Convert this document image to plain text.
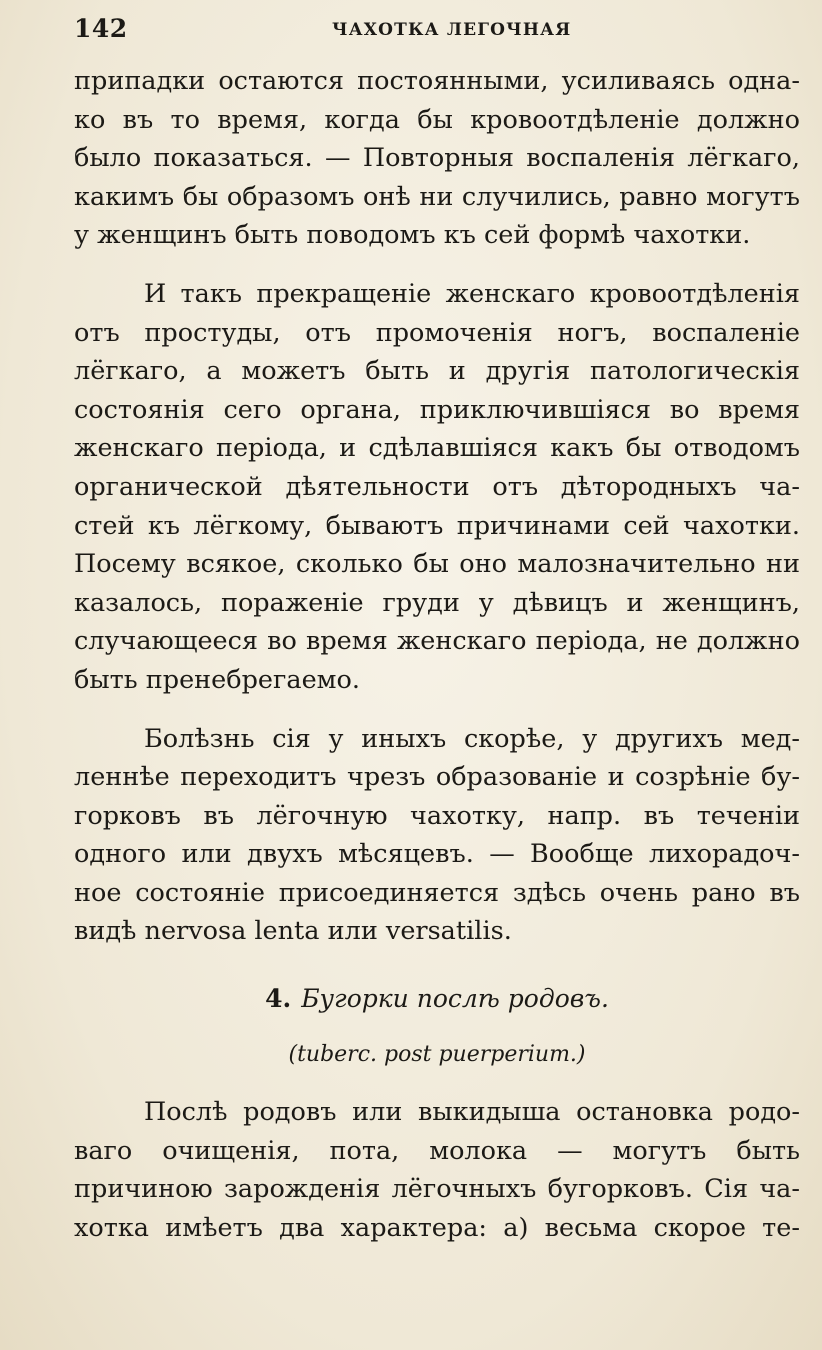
142	ЧАХОТКА ЛЕГОЧНАЯ
припадки остаются постоянными, усиливаясь одна-
ко въ то время, когда бы кровоотдѣленіе должно
было показаться. — Повторныя воспаленія лёгкаго,
какимъ бы образомъ онѣ ни случились, равно могутъ
у женщинъ быть поводомъ къ сей формѣ чахотки.
И такъ прекращеніе женскаго кровоотдѣленія
отъ простуды, отъ промоченія ногъ, воспаленіе
лёгкаго, а можетъ быть и другія патологическія
состоянія сего органа, приключившіяся во время
женскаго періода, и сдѣлавшіяся какъ бы отводомъ
органической дѣятельности отъ дѣтородныхъ ча-
стей къ лёгкому, бываютъ причинами сей чахотки.
Посему всякое, сколько бы оно малозначительно ни
казалось, пораженіе груди у дѣвицъ и женщинъ,
случающееся во время женскаго періода, не должно
быть пренебрегаемо.
Болѣзнь сія у иныхъ скорѣе, у другихъ мед-
леннѣе переходитъ чрезъ образованіе и созрѣніе бу-
горковъ въ лёгочную чахотку, напр. въ теченіи
одного или двухъ мѣсяцевъ. — Вообще лихорадоч-
ное состояніе присоединяется здѣсь очень рано въ
видѣ nervosa lenta или versatilis.
4. Бугорки послѣ родовъ.
(tuberc. post puerperium.)
Послѣ родовъ или выкидыша остановка родо-
ваго очищенія, пота, молока — могутъ быть
причиною зарожденія лёгочныхъ бугорковъ. Сія ча-
хотка имѣетъ два характера: а) весьма скорое те-
